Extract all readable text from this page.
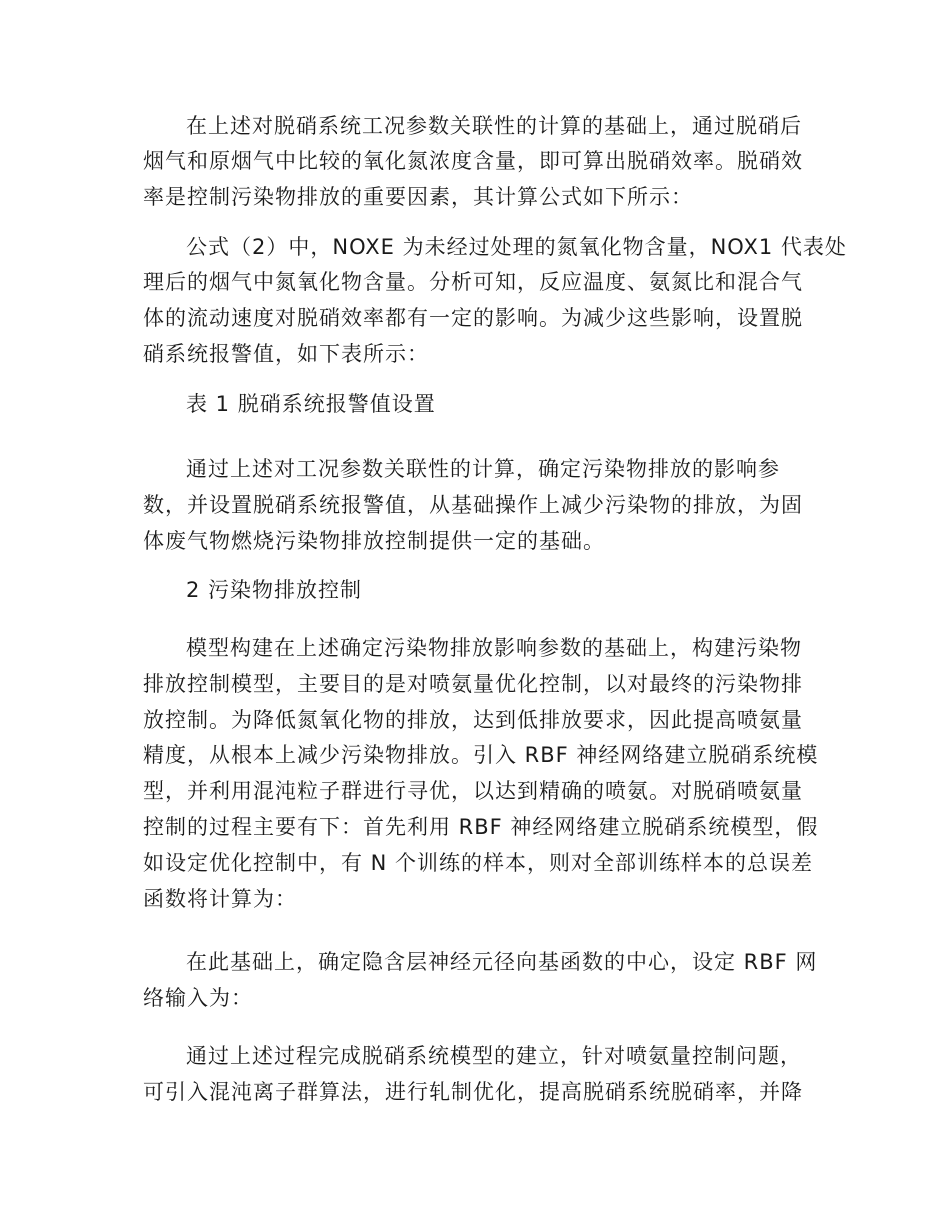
在上述对脱硝系统工况参数关联性的计算的基础上，通过脱硝后
烟气和原烟气中比较的氧化氮浓度含量，即可算出脱硝效率。脱硝效
率是控制污染物排放的重要因素，其计算公式如下所示：
公式（2）中，NOXE 为未经过处理的氮氧化物含量，NOX1 代表处
理后的烟气中氮氧化物含量。分析可知，反应温度、氨氮比和混合气
体的流动速度对脱硝效率都有一定的影响。为减少这些影响，设置脱
硝系统报警值，如下表所示：
表 1 脱硝系统报警值设置
通过上述对工况参数关联性的计算，确定污染物排放的影响参
数，并设置脱硝系统报警值，从基础操作上减少污染物的排放，为固
体废气物燃烧污染物排放控制提供一定的基础。
2 污染物排放控制
模型构建在上述确定污染物排放影响参数的基础上，构建污染物
排放控制模型，主要目的是对喷氨量优化控制，以对最终的污染物排
放控制。为降低氮氧化物的排放，达到低排放要求，因此提高喷氨量
精度，从根本上减少污染物排放。引入 RBF 神经网络建立脱硝系统模
型，并利用混沌粒子群进行寻优，以达到精确的喷氨。对脱硝喷氨量
控制的过程主要有下：首先利用 RBF 神经网络建立脱硝系统模型，假
如设定优化控制中，有 N 个训练的样本，则对全部训练样本的总误差
函数将计算为：
在此基础上，确定隐含层神经元径向基函数的中心，设定 RBF 网
络输入为：
通过上述过程完成脱硝系统模型的建立，针对喷氨量控制问题，
可引入混沌离子群算法，进行轧制优化，提高脱硝系统脱硝率，并降
